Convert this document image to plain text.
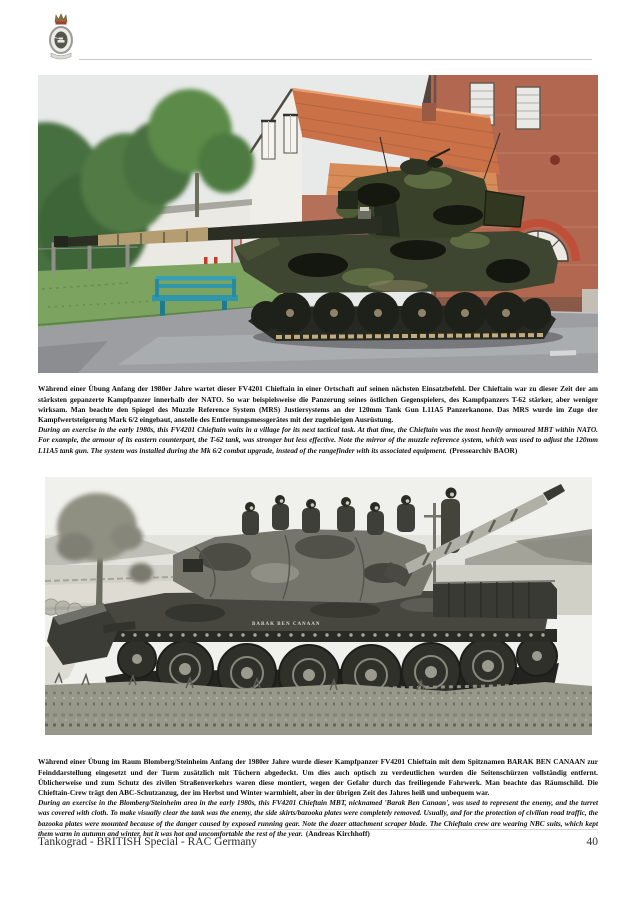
Während einer Übung Anfang der 1980er Jahre wartet dieser FV4201 Chieftain in einer Ortschaft auf seinen nächsten Einsatzbefehl. Der Chieftain war zu dieser Zeit der am stärksten gepanzerte Kampfpanzer innerhalb der NATO. So war beispielsweise die Panzerung seines östlichen Gegenspielers, des Kampfpanzers T-62 stärker, aber weniger wirksam. Man beachte den Spiegel des Muzzle Reference System (MRS) Justiersystems an der 120mm Tank Gun L11A5 Panzerkanone. Das MRS wurde im Zuge der Kampfwertsteigerung Mark 6/2 eingebaut, anstelle des Entfernungsmessgerätes mit der zugehörigen Ausrüstung.
During an exercise in the early 1980s, this FV4201 Chieftain waits in a village for its next tactical task. At that time, the Chieftain was the most heavily armoured MBT within NATO. For example, the armour of its eastern counterpart, the T-62 tank, was stronger but less effective. Note the mirror of the muzzle reference system, which was used to adjust the 120mm L11A5 tank gun. The system was installed during the Mk 6/2 combat upgrade, instead of the rangefinder with its associated equipment. (Pressearchiv BAOR)

BARAK BEN CANAAN

Während einer Übung im Raum Blomberg/Steinheim Anfang der 1980er Jahre wurde dieser Kampfpanzer FV4201 Chieftain mit dem Spitznamen BARAK BEN CANAAN zur Feinddarstellung eingesetzt und der Turm zusätzlich mit Tüchern abgedeckt. Um dies auch optisch zu verdeutlichen wurden die Seitenschürzen vollständig entfernt. Üblicherweise und zum Schutz des zivilen Straßenverkehrs waren diese montiert, wegen der Gefahr durch das freiliegende Fahrwerk. Man beachte das Räumschild. Die Chieftain-Crew trägt den ABC-Schutzanzug, der im Herbst und Winter warmhielt, aber in der übrigen Zeit des Jahres heiß und unbequem war.
During an exercise in the Blomberg/Steinheim area in the early 1980s, this FV4201 Chieftain MBT, nicknamed 'Barak Ben Canaan', was used to represent the enemy, and the turret was covered with cloth. To make visually clear the tank was the enemy, the side skirts/bazooka plates were completely removed. Usually, and for the protection of civilian road traffic, the bazooka plates were mounted because of the danger caused by exposed running gear. Note the dozer attachment scraper blade. The Chieftain crew are wearing NBC suits, which kept them warm in autumn and winter, but it was hot and uncomfortable the rest of the year. (Andreas Kirchhoff)

Tankograd - BRITISH Special - RAC Germany	40
